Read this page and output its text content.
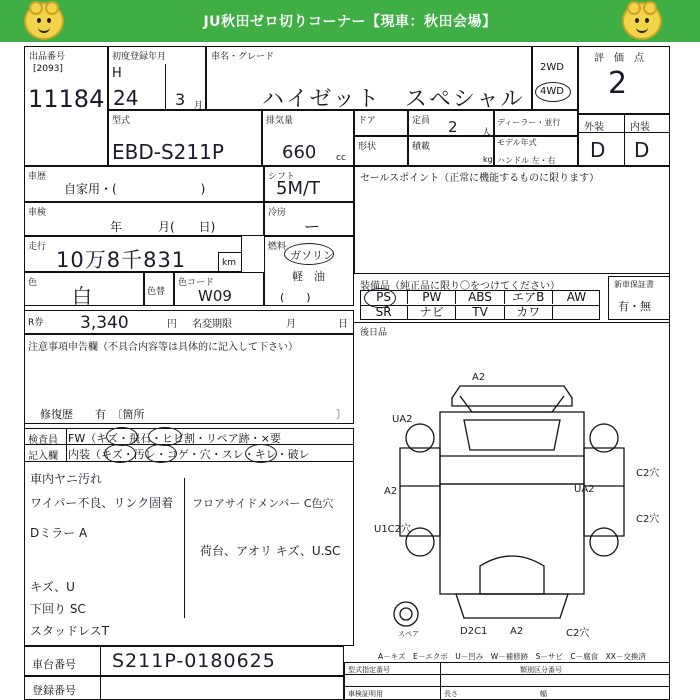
JU秋田ゼロ切りコーナー【現車：秋田会場】
出品番号
[2093]
11184
初度登録年月
H
24 3 月
車名・グレード
ハイゼット　スペシャル
2WD
4WD
評　価　点
2
外装	内装
D D
型式
EBD-S211P
排気量
660 cc
ドア	定員 2	人
ディーラー・並行
形状	積載
kg
モデル年式
ハンドル 左・右
車歴
自家用・(　　　　　　　)
シフト
5M/T	セールスポイント（正常に機能するものに限ります）
車検
年　　　月(　　日)
冷房
ー
走行
10万8千831	km
燃料
ガソリン
軽　油
(　　)
色
白	色替
色コード
W09
装備品（純正品に限り〇をつけてください）
PS	PW	ABS	エアB	AW
SR	ナビ	TV	カワ
新車保証書
有・無
後日品
R券 3,340	円 名変期限	月	日
注意事項申告欄（不具合内容等は具体的に記入して下さい）
修復歴　　有　〔箇所	〕
検査員
記入欄
FW（キズ・飛石・ヒビ割・リペア跡・×要
内装（キズ・汚レ・コゲ・穴・スレ・キレ・破レ
車内ヤニ汚れ
ワイパー不良、リンク固着
Dミラー A
キズ、U
下回り SC
スタッドレスT
フロアサイドメンバー C色穴
荷台、アオリ キズ、U.SC
A2
UA2
A2	UA2
U1C2穴
C2穴
C2穴
D2C1 A2	C2穴
スペア
A－キズ　E－エクボ　U－凹み　W－補修跡　S－サビ　C－腐食　XX－交換済
車台番号 S211P-0180625
登録番号
型式指定番号	類別区分番号
車検証明用	長さ	幅
